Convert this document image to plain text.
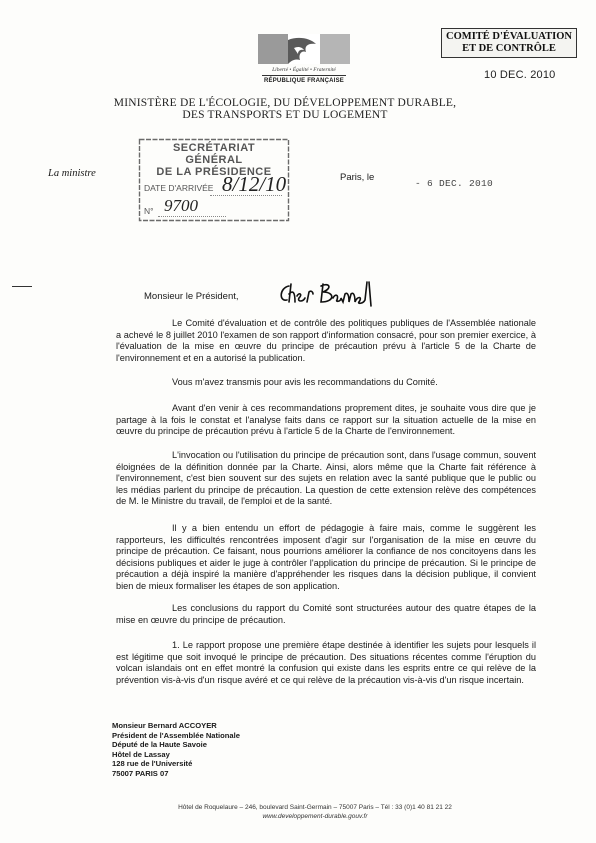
Liberté • Égalité • Fraternité
RÉPUBLIQUE FRANÇAISE
COMITÉ D'ÉVALUATION
ET DE CONTRÔLE
10 DEC. 2010
MINISTÈRE DE L'ÉCOLOGIE, DU DÉVELOPPEMENT DURABLE,
DES TRANSPORTS ET DU LOGEMENT
SECRÉTARIAT GÉNÉRAL
DE LA PRÉSIDENCE
DATE D'ARRIVÉE 8/12/10
N° 9700
La ministre	Paris, le
- 6 DEC. 2010
Monsieur le Président,
Le Comité d'évaluation et de contrôle des politiques publiques de l'Assemblée nationale a achevé le 8 juillet 2010 l'examen de son rapport d'information consacré, pour son premier exercice, à l'évaluation de la mise en œuvre du principe de précaution prévu à l'article 5 de la Charte de l'environnement et en a autorisé la publication.
Vous m'avez transmis pour avis les recommandations du Comité.
Avant d'en venir à ces recommandations proprement dites, je souhaite vous dire que je partage à la fois le constat et l'analyse faits dans ce rapport sur la situation actuelle de la mise en œuvre du principe de précaution prévu à l'article 5 de la Charte de l'environnement.
L'invocation ou l'utilisation du principe de précaution sont, dans l'usage commun, souvent éloignées de la définition donnée par la Charte. Ainsi, alors même que la Charte fait référence à l'environnement, c'est bien souvent sur des sujets en relation avec la santé publique que le public ou les médias parlent du principe de précaution. La question de cette extension relève des compétences de M. le Ministre du travail, de l'emploi et de la santé.
Il y a bien entendu un effort de pédagogie à faire mais, comme le suggèrent les rapporteurs, les difficultés rencontrées imposent d'agir sur l'organisation de la mise en œuvre du principe de précaution. Ce faisant, nous pourrions améliorer la confiance de nos concitoyens dans les décisions publiques et aider le juge à contrôler l'application du principe de précaution. Si le principe de précaution a déjà inspiré la manière d'appréhender les risques dans la décision publique, il convient bien de mieux formaliser les étapes de son application.
Les conclusions du rapport du Comité sont structurées autour des quatre étapes de la mise en œuvre du principe de précaution.
1. Le rapport propose une première étape destinée à identifier les sujets pour lesquels il est légitime que soit invoqué le principe de précaution. Des situations récentes comme l'éruption du volcan islandais ont en effet montré la confusion qui existe dans les esprits entre ce qui relève de la prévention vis-à-vis d'un risque avéré et ce qui relève de la précaution vis-à-vis d'un risque incertain.
Monsieur Bernard ACCOYER
Président de l'Assemblée Nationale
Député de la Haute Savoie
Hôtel de Lassay
128 rue de l'Université
75007 PARIS 07
Hôtel de Roquelaure – 246, boulevard Saint-Germain – 75007 Paris – Tél : 33 (0)1 40 81 21 22
www.developpement-durable.gouv.fr
